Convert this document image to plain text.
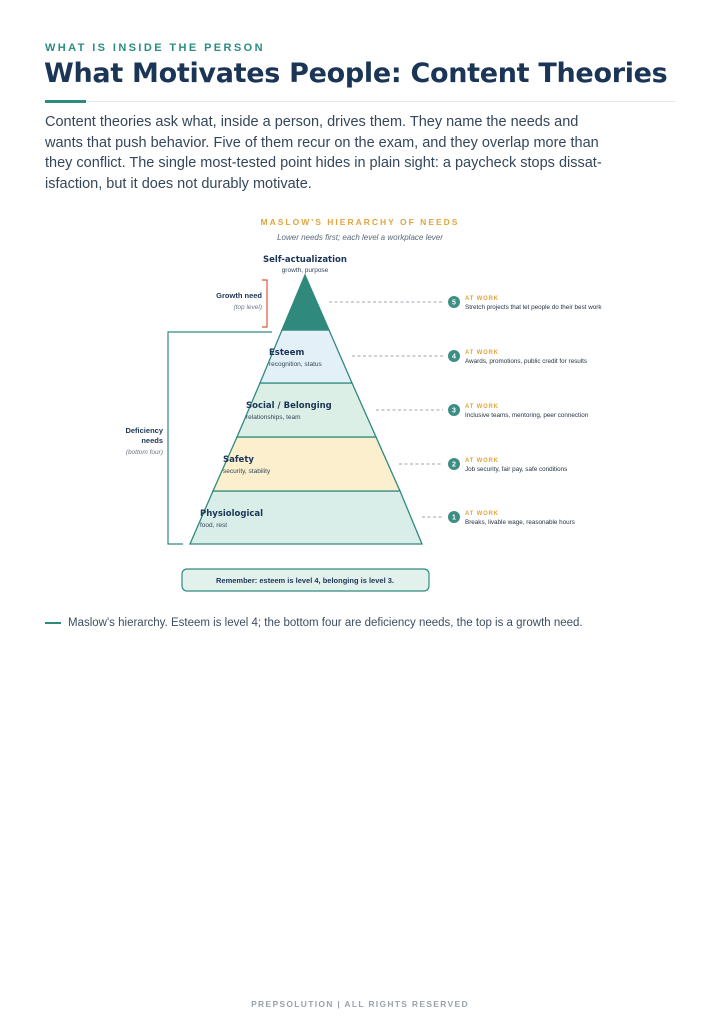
WHAT IS INSIDE THE PERSON
What Motivates People: Content Theories

Content theories ask what, inside a person, drives them. They name the needs and wants that push behavior. Five of them recur on the exam, and they overlap more than they conflict. The single most-tested point hides in plain sight: a paycheck stops dissat-isfaction, but it does not durably motivate.

MASLOW'S HIERARCHY OF NEEDS
Lower needs first; each level a workplace lever
Self-actualization
growth, purpose
Esteem
recognition, status
Social / Belonging
relationships, team
Safety
security, stability
Physiological
food, rest
Growth need
(top level)
Deficiency
needs
(bottom four)
5
AT WORK
Stretch projects that let people do their best work
4
AT WORK
Awards, promotions, public credit for results
3
AT WORK
Inclusive teams, mentoring, peer connection
2
AT WORK
Job security, fair pay, safe conditions
1
AT WORK
Breaks, livable wage, reasonable hours
Remember: esteem is level 4, belonging is level 3.
Maslow's hierarchy. Esteem is level 4; the bottom four are deficiency needs, the top is a growth need.
PREPSOLUTION | ALL RIGHTS RESERVED
